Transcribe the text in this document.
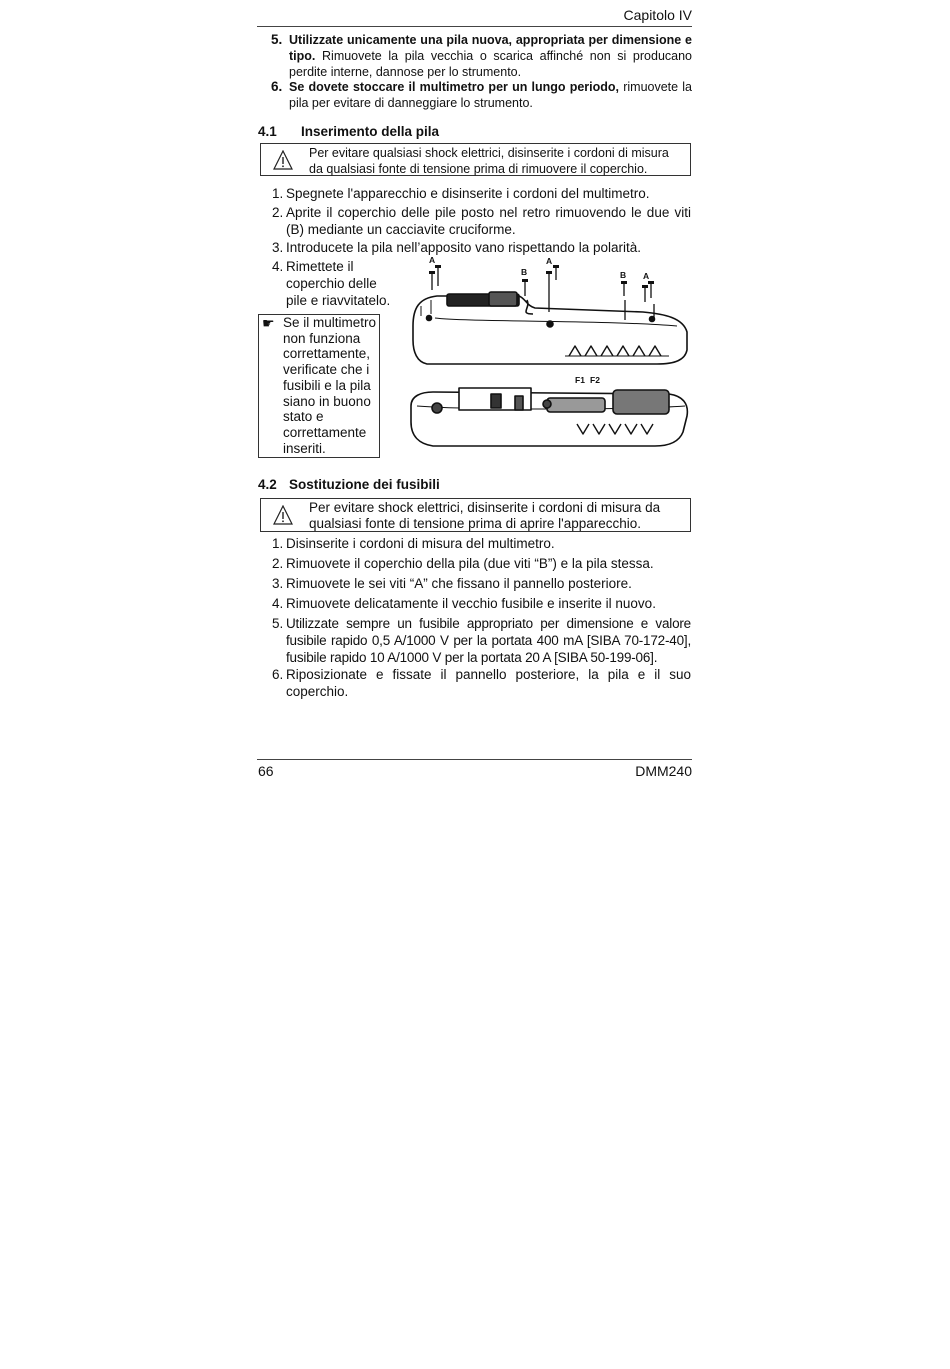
Capitolo IV
5. Utilizzate unicamente una pila nuova, appropriata per dimensione e tipo. Rimuovete la pila vecchia o scarica affinché non si producano perdite interne, dannose per lo strumento.
6. Se dovete stoccare il multimetro per un lungo periodo, rimuovete la pila per evitare di danneggiare lo strumento.
4.1 Inserimento della pila
Per evitare qualsiasi shock elettrici, disinserite i cordoni di misura da qualsiasi fonte di tensione prima di rimuovere il coperchio.
1. Spegnete l'apparecchio e disinserite i cordoni del multimetro.
2. Aprite il coperchio delle pile posto nel retro rimuovendo le due viti (B) mediante un cacciavite cruciforme.
3. Introducete la pila nell’apposito vano rispettando la polarità.
4. Rimettete il
coperchio delle
pile e riavvitatelo.
☛ Se il multimetro
non funziona
correttamente,
verificate che i
fusibili e la pila
siano in buono
stato e
correttamente
inseriti.
A
B
A
B A
F1 F2
4.2 Sostituzione dei fusibili
Per evitare shock elettrici, disinserite i cordoni di misura da qualsiasi fonte di tensione prima di aprire l'apparecchio.
1. Disinserite i cordoni di misura del multimetro.
2. Rimuovete il coperchio della pila (due viti “B”) e la pila stessa.
3. Rimuovete le sei viti “A” che fissano il pannello posteriore.
4. Rimuovete delicatamente il vecchio fusibile e inserite il nuovo.
5. Utilizzate sempre un fusibile appropriato per dimensione e valore fusibile rapido 0,5 A/1000 V per la portata 400 mA [SIBA 70-172-40], fusibile rapido 10 A/1000 V per la portata 20 A [SIBA 50-199-06].
6. Riposizionate e fissate il pannello posteriore, la pila e il suo coperchio.
66	DMM240
